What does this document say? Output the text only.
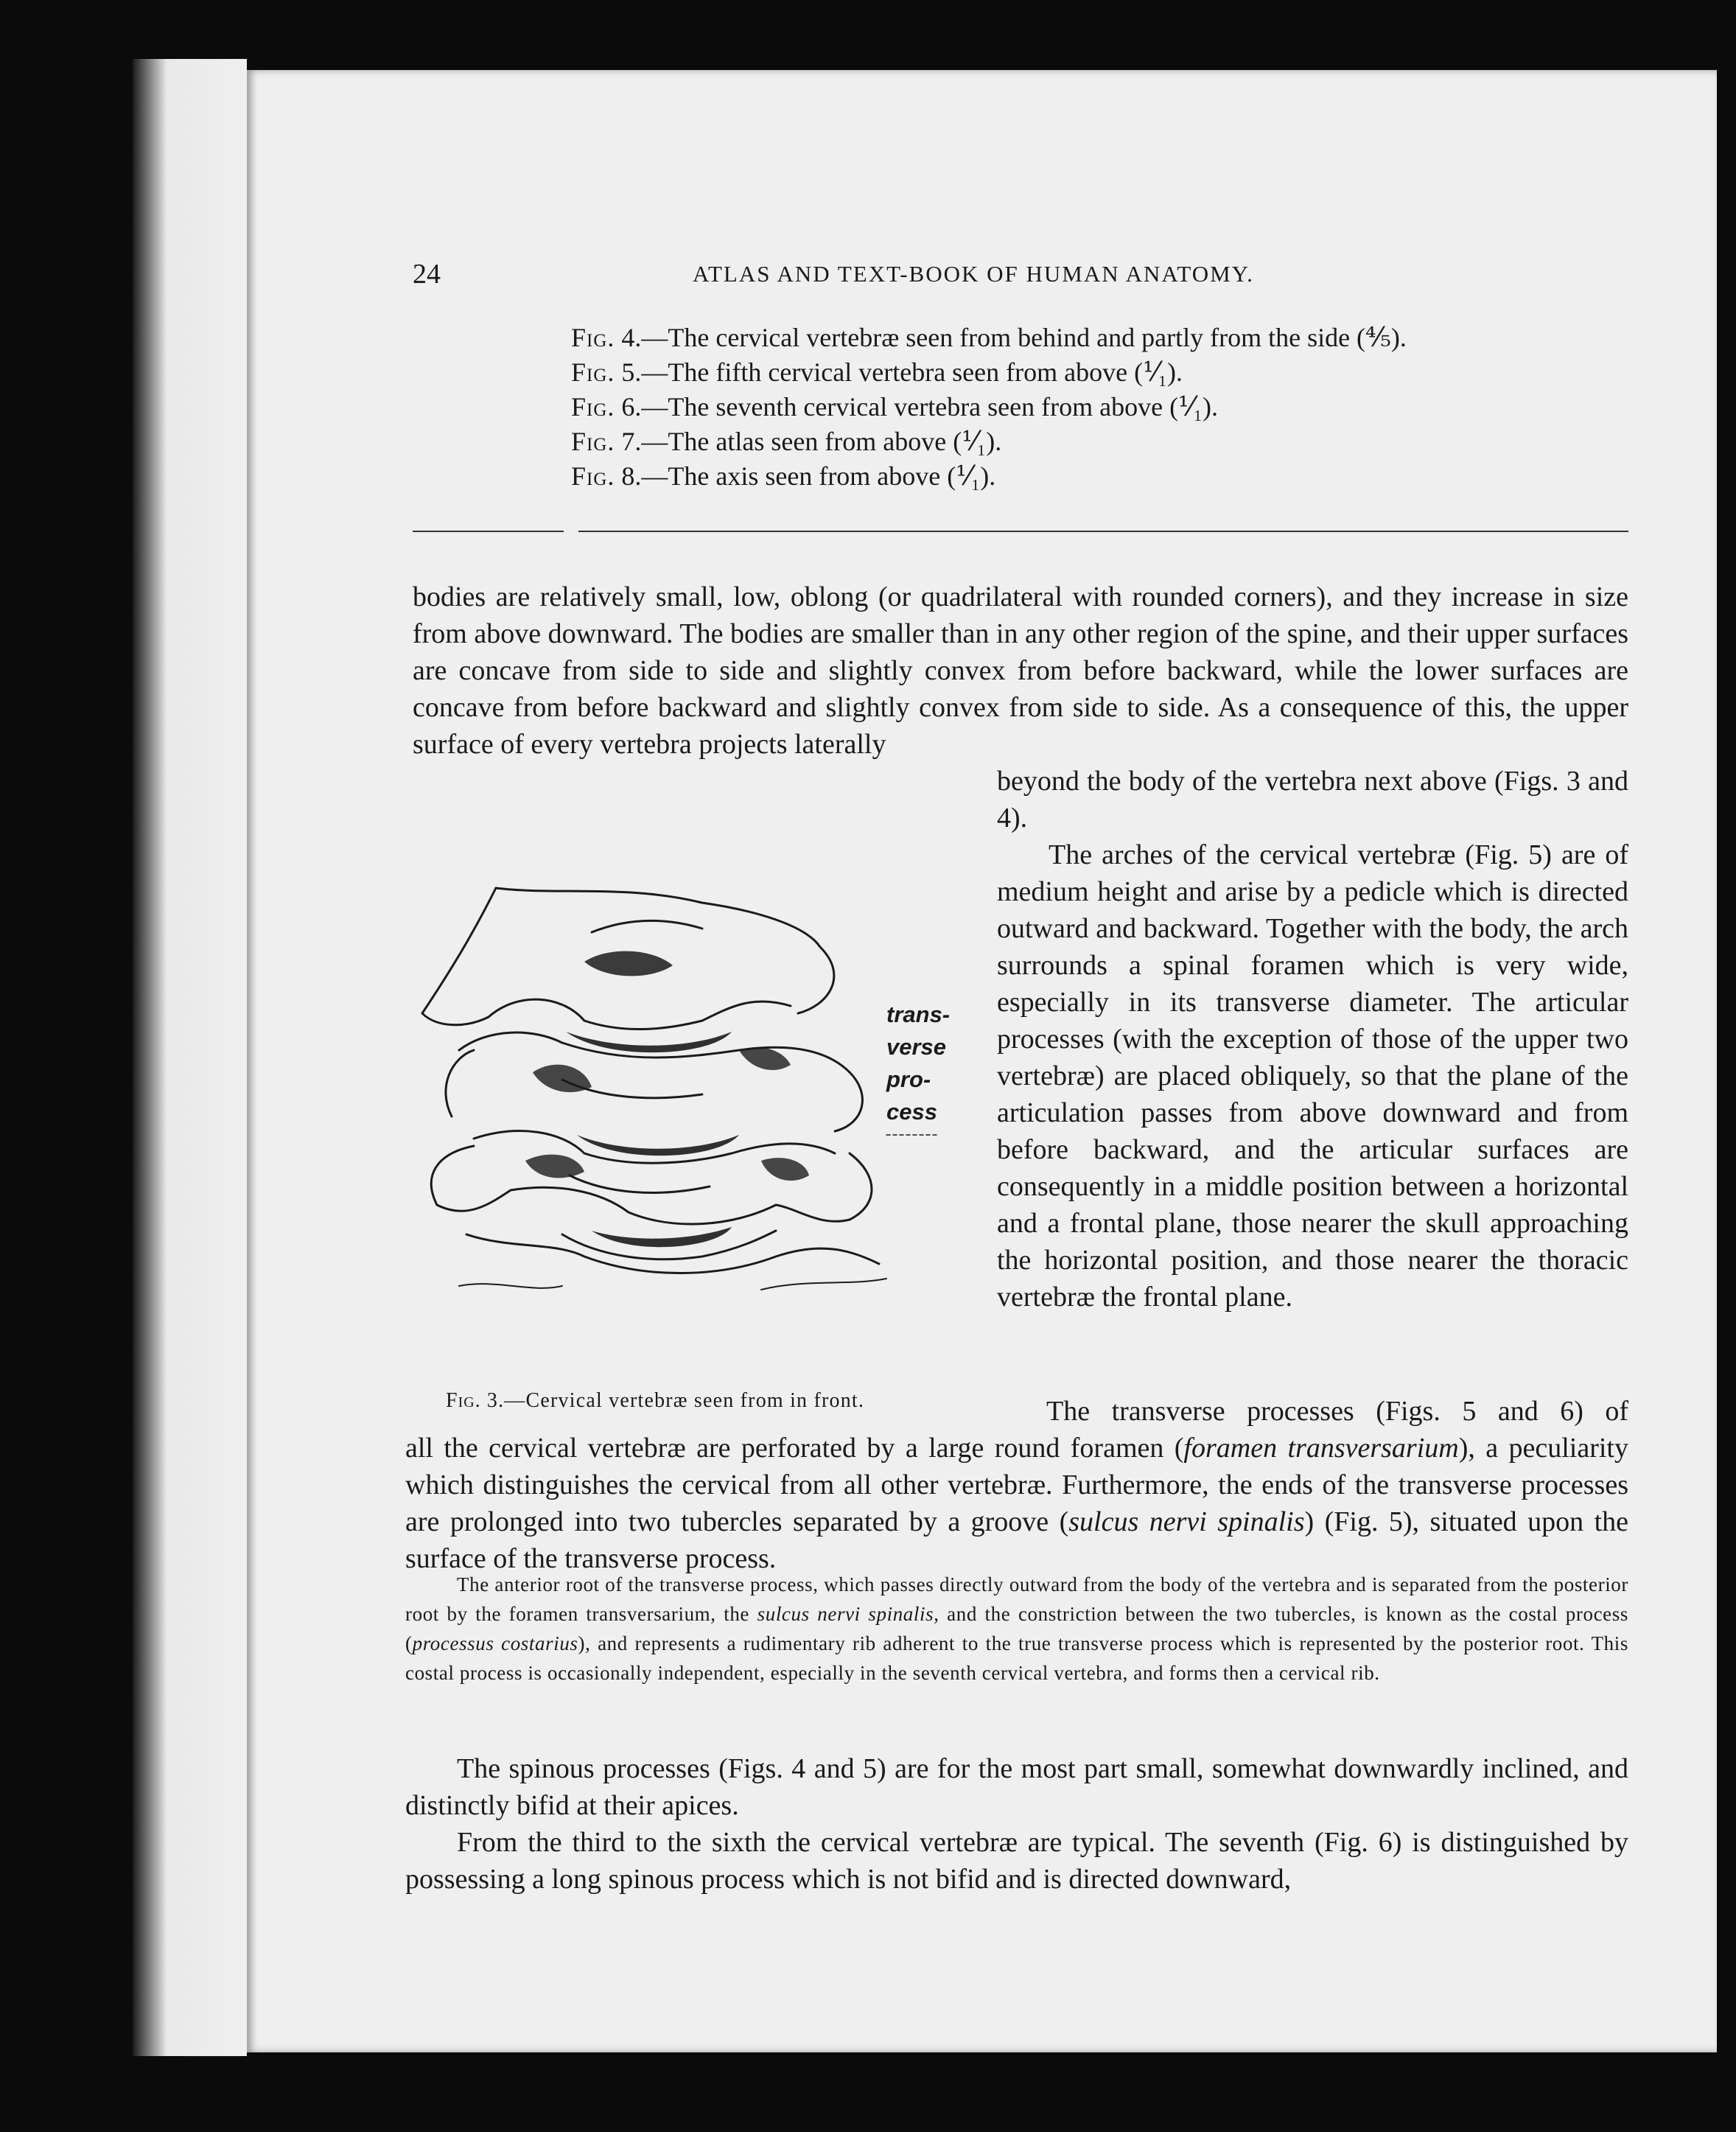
24	ATLAS AND TEXT-BOOK OF HUMAN ANATOMY.
Fig. 4.—The cervical vertebræ seen from behind and partly from the side (⅘).
Fig. 5.—The fifth cervical vertebra seen from above (⅟₁).
Fig. 6.—The seventh cervical vertebra seen from above (⅟₁).
Fig. 7.—The atlas seen from above (⅟₁).
Fig. 8.—The axis seen from above (⅟₁).
bodies are relatively small, low, oblong (or quadrilateral with rounded corners), and they increase in size from above downward. The bodies are smaller than in any other region of the spine, and their upper surfaces are concave from side to side and slightly convex from before backward, while the lower surfaces are concave from before backward and slightly convex from side to side. As a consequence of this, the upper surface of every vertebra projects laterally
beyond the body of the vertebra next above (Figs. 3 and 4).
The arches of the cervical vertebræ (Fig. 5) are of medium height and arise by a pedicle which is directed outward and backward. Together with the body, the arch surrounds a spinal foramen which is very wide, especially in its transverse diameter. The articular processes (with the exception of those of the upper two vertebræ) are placed obliquely, so that the plane of the articulation passes from above downward and from before backward, and the articular surfaces are consequently in a middle position between a horizontal and a frontal plane, those nearer the skull approaching the horizontal position, and those nearer the thoracic vertebræ the frontal plane.
trans-
verse
pro-
cess
Fig. 3.—Cervical vertebræ seen from in front.
all the cervical vertebræ are perforated by a large round foramen (foramen transversarium), a peculiarity which distinguishes the cervical from all other vertebræ. Furthermore, the ends of the transverse processes are prolonged into two tubercles separated by a groove (sulcus nervi spinalis) (Fig. 5), situated upon the surface of the transverse process.
The transverse processes (Figs. 5 and 6) of
The anterior root of the transverse process, which passes directly outward from the body of the vertebra and is separated from the posterior root by the foramen transversarium, the sulcus nervi spinalis, and the constriction between the two tubercles, is known as the costal process (processus costarius), and represents a rudimentary rib adherent to the true transverse process which is represented by the posterior root. This costal process is occasionally independent, especially in the seventh cervical vertebra, and forms then a cervical rib.
The spinous processes (Figs. 4 and 5) are for the most part small, somewhat downwardly inclined, and distinctly bifid at their apices.
From the third to the sixth the cervical vertebræ are typical. The seventh (Fig. 6) is distinguished by possessing a long spinous process which is not bifid and is directed downward,
